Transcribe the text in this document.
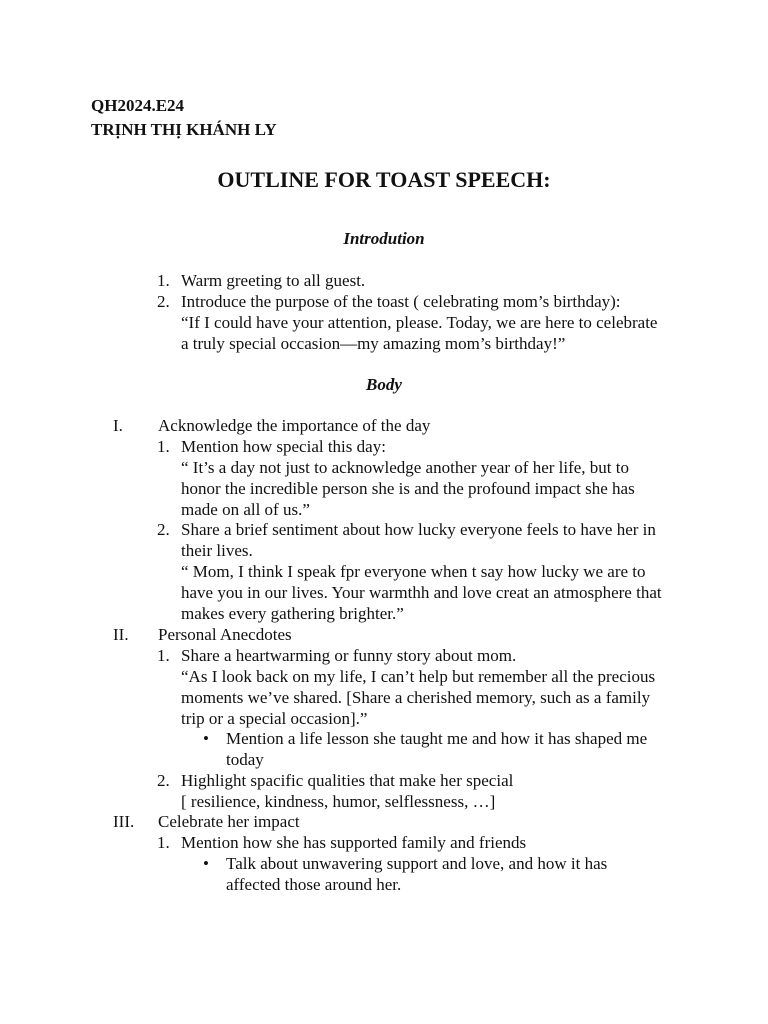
QH2024.E24
TRỊNH THỊ KHÁNH LY
OUTLINE FOR TOAST SPEECH:
Introdution
1. Warm greeting to all guest.
2. Introduce the purpose of the toast ( celebrating mom’s birthday):
“If I could have your attention, please. Today, we are here to celebrate
a truly special occasion—my amazing mom’s birthday!”
Body
I. Acknowledge the importance of the day
1. Mention how special this day:
“ It’s a day not just to acknowledge another year of her life, but to
honor the incredible person she is and the profound impact she has
made on all of us.”
2. Share a brief sentiment about how lucky everyone feels to have her in
their lives.
“ Mom, I think I speak fpr everyone when t say how lucky we are to
have you in our lives. Your warmthh and love creat an atmosphere that
makes every gathering brighter.”
II. Personal Anecdotes
1. Share a heartwarming or funny story about mom.
“As I look back on my life, I can’t help but remember all the precious
moments we’ve shared. [Share a cherished memory, such as a family
trip or a special occasion].”
• Mention a life lesson she taught me and how it has shaped me
today
2. Highlight spacific qualities that make her special
[ resilience, kindness, humor, selflessness, …]
III. Celebrate her impact
1. Mention how she has supported family and friends
• Talk about unwavering support and love, and how it has
affected those around her.
